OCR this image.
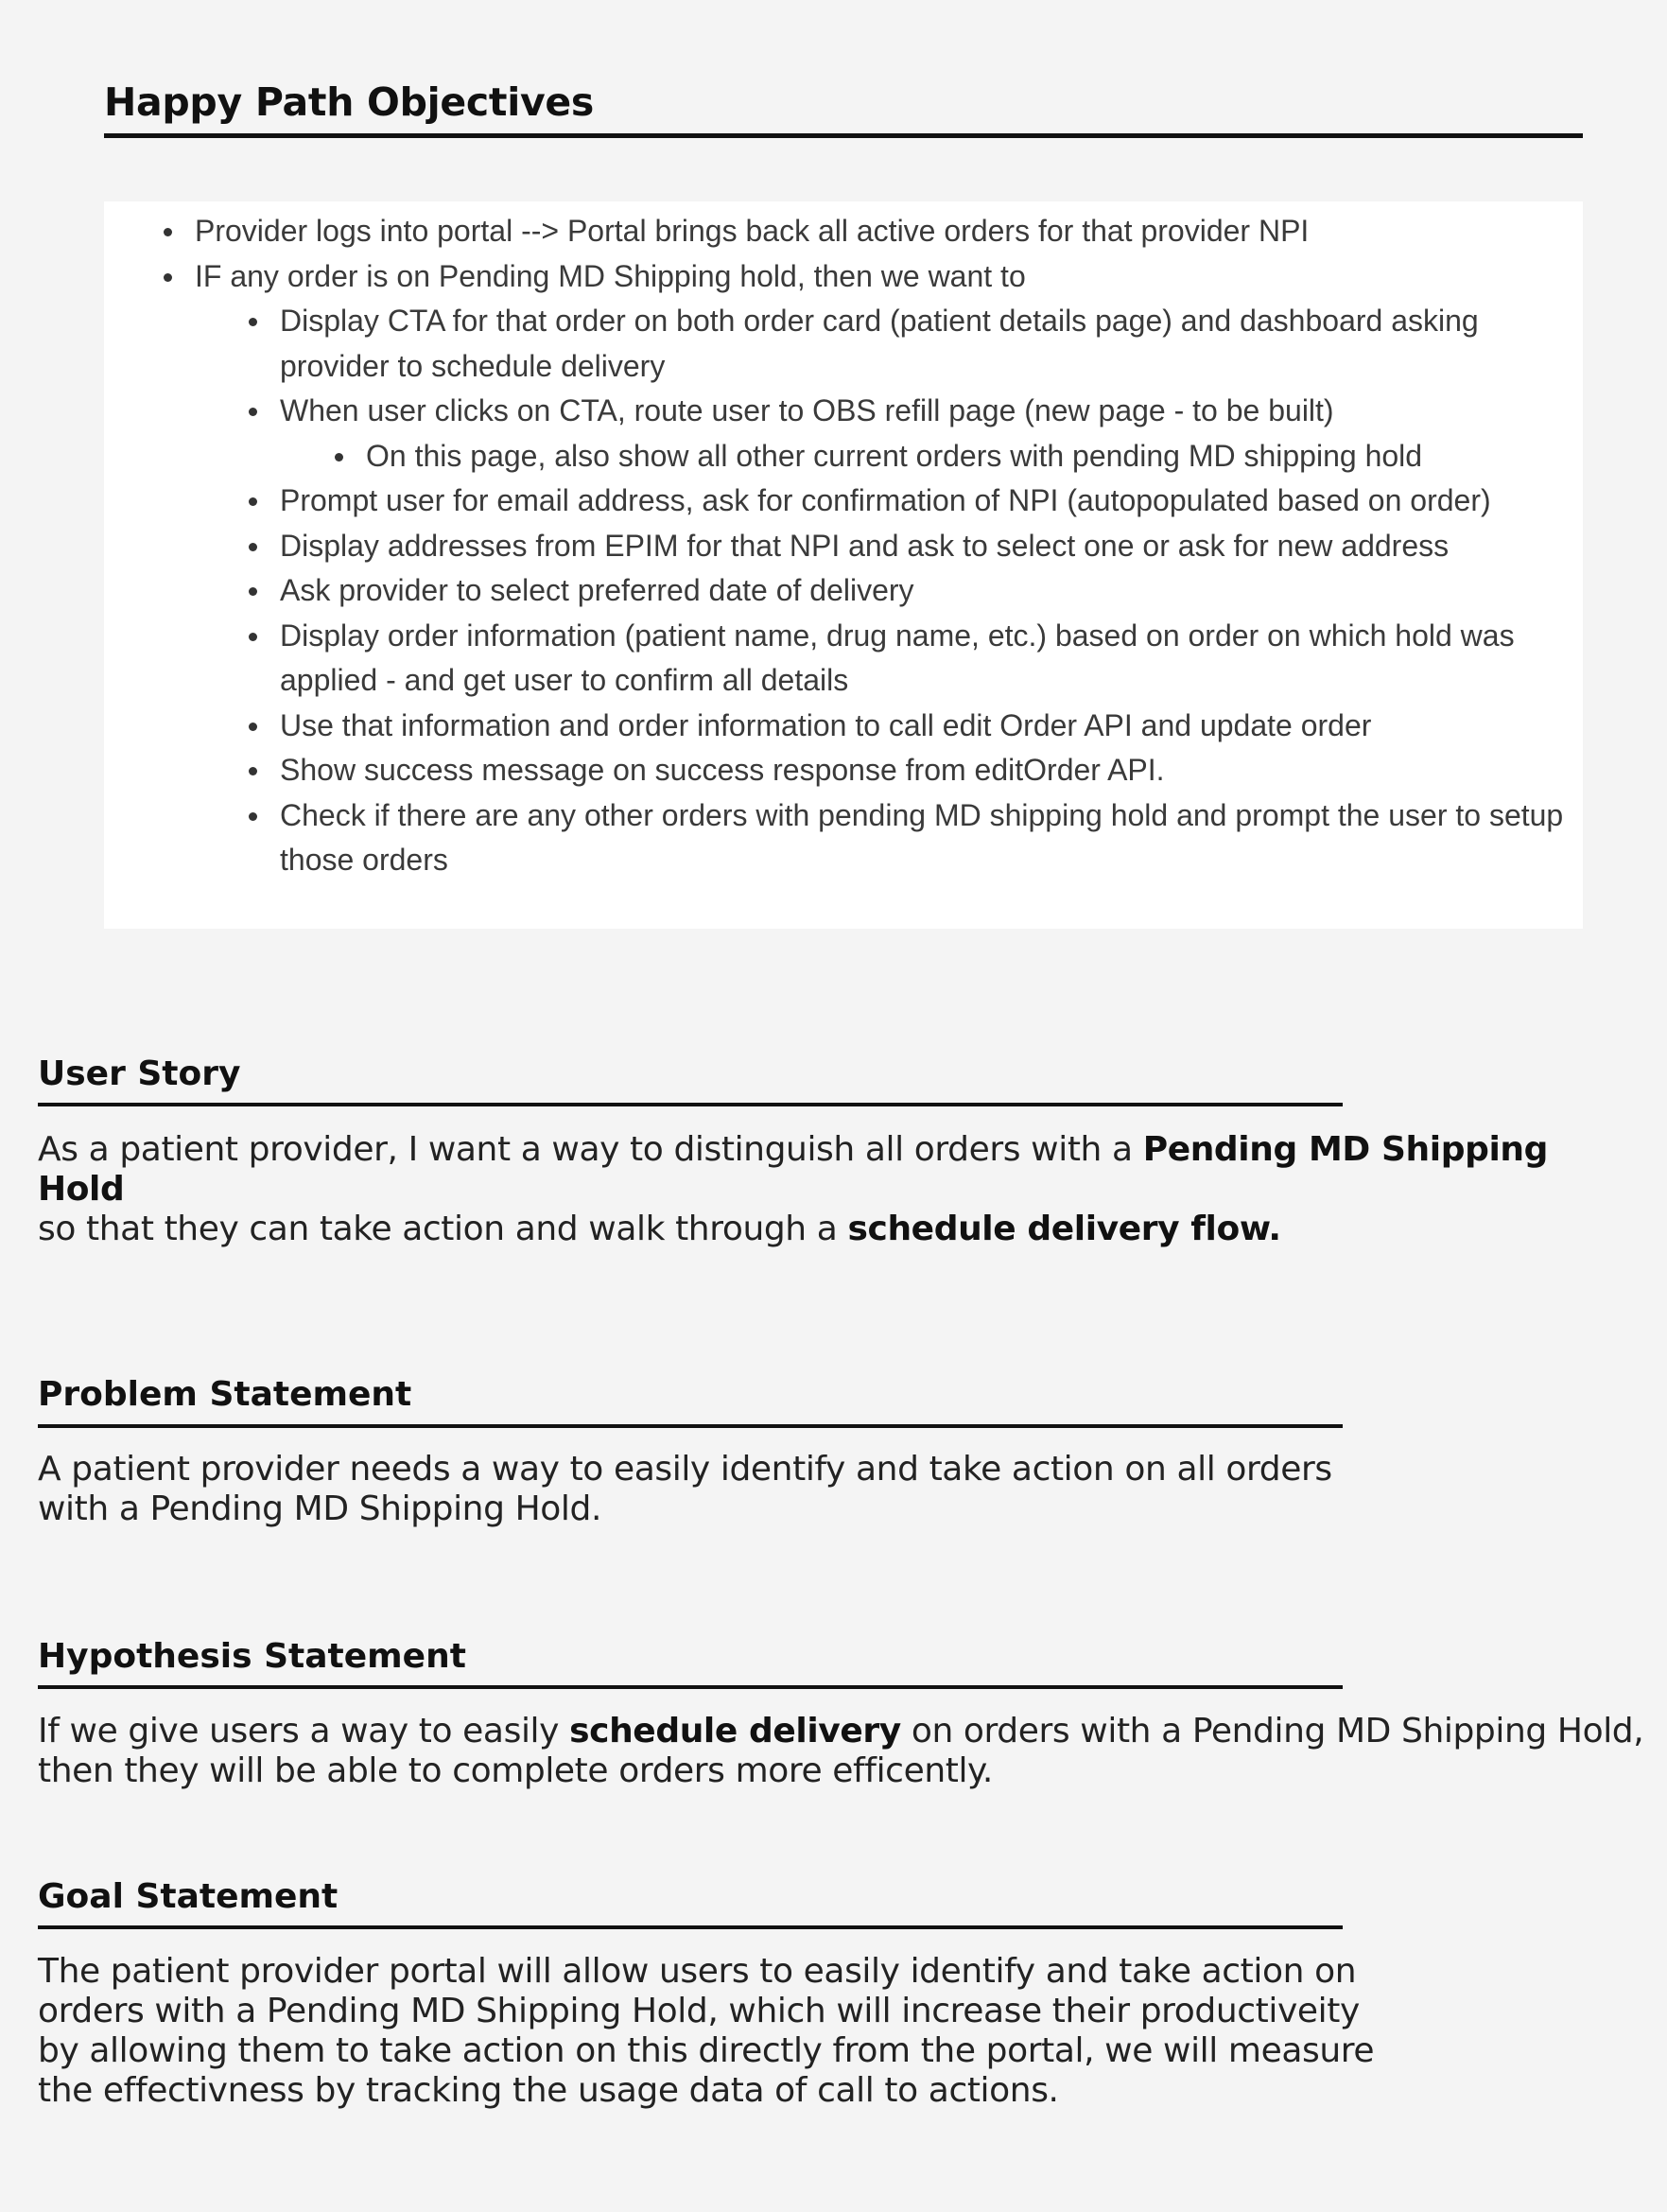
Happy Path Objectives
Provider logs into portal --> Portal brings back all active orders for that provider NPI
IF any order is on Pending MD Shipping hold, then we want to
Display CTA for that order on both order card (patient details page) and dashboard asking provider to schedule delivery
When user clicks on CTA, route user to OBS refill page (new page - to be built)
On this page, also show all other current orders with pending MD shipping hold
Prompt user for email address, ask for confirmation of NPI (autopopulated based on order)
Display addresses from EPIM for that NPI and ask to select one or ask for new address
Ask provider to select preferred date of delivery
Display order information (patient name, drug name, etc.) based on order on which hold was applied - and get user to confirm all details
Use that information and order information to call edit Order API and update order
Show success message on success response from editOrder API.
Check if there are any other orders with pending MD shipping hold and prompt the user to setup those orders
User Story

As a patient provider, I want a way to distinguish all orders with a Pending MD Shipping Hold
so that they can take action and walk through a schedule delivery flow.

Problem Statement

A patient provider needs a way to easily identify and take action on all orders with a Pending MD Shipping Hold.

Hypothesis Statement

If we give users a way to easily schedule delivery on orders with a Pending MD Shipping Hold, then they will be able to complete orders more efficently.

Goal Statement

The patient provider portal will allow users to easily identify and take action on orders with a Pending MD Shipping Hold, which will increase their productiveity by allowing them to take action on this directly from the portal, we will measure the effectivness by tracking the usage data of call to actions.
